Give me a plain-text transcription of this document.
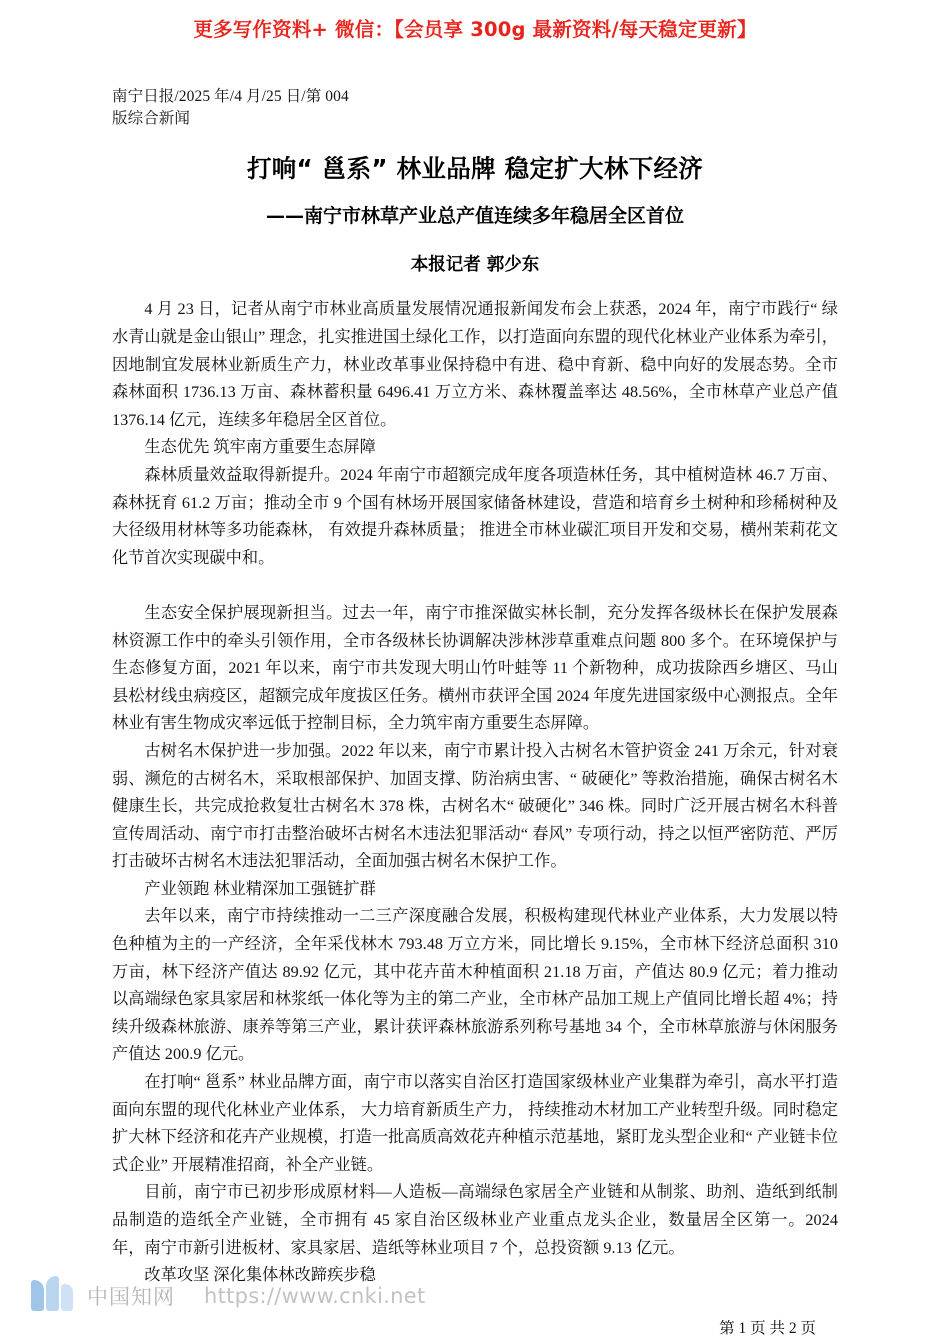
更多写作资料+ 微信：【会员享 300g 最新资料/每天稳定更新】
南宁日报/2025 年/4 月/25 日/第 004
版综合新闻
打响“ 邕系” 林业品牌 稳定扩大林下经济
——南宁市林草产业总产值连续多年稳居全区首位
本报记者 郭少东

4 月 23 日，记者从南宁市林业高质量发展情况通报新闻发布会上获悉，2024 年，南宁市践行“ 绿水青山就是金山银山” 理念，扎实推进国土绿化工作，以打造面向东盟的现代化林业产业体系为牵引，因地制宜发展林业新质生产力，林业改革事业保持稳中有进、稳中育新、稳中向好的发展态势。全市森林面积 1736.13 万亩、森林蓄积量 6496.41 万立方米、森林覆盖率达 48.56%，全市林草产业总产值 1376.14 亿元，连续多年稳居全区首位。

生态优先 筑牢南方重要生态屏障

森林质量效益取得新提升。2024 年南宁市超额完成年度各项造林任务，其中植树造林 46.7 万亩、森林抚育 61.2 万亩；推动全市 9 个国有林场开展国家储备林建设，营造和培育乡土树种和珍稀树种及大径级用材林等多功能森林， 有效提升森林质量； 推进全市林业碳汇项目开发和交易，横州茉莉花文化节首次实现碳中和。

生态安全保护展现新担当。过去一年，南宁市推深做实林长制，充分发挥各级林长在保护发展森林资源工作中的牵头引领作用，全市各级林长协调解决涉林涉草重难点问题 800 多个。在环境保护与生态修复方面，2021 年以来，南宁市共发现大明山竹叶蛙等 11 个新物种，成功拔除西乡塘区、马山县松材线虫病疫区，超额完成年度拔区任务。横州市获评全国 2024 年度先进国家级中心测报点。全年林业有害生物成灾率远低于控制目标，全力筑牢南方重要生态屏障。

古树名木保护进一步加强。2022 年以来，南宁市累计投入古树名木管护资金 241 万余元，针对衰弱、濒危的古树名木，采取根部保护、加固支撑、防治病虫害、“ 破硬化” 等救治措施，确保古树名木健康生长，共完成抢救复壮古树名木 378 株，古树名木“ 破硬化” 346 株。同时广泛开展古树名木科普宣传周活动、南宁市打击整治破坏古树名木违法犯罪活动“ 春风” 专项行动，持之以恒严密防范、严厉打击破坏古树名木违法犯罪活动，全面加强古树名木保护工作。

产业领跑 林业精深加工强链扩群

去年以来，南宁市持续推动一二三产深度融合发展，积极构建现代林业产业体系，大力发展以特色种植为主的一产经济，全年采伐林木 793.48 万立方米，同比增长 9.15%，全市林下经济总面积 310 万亩，林下经济产值达 89.92 亿元，其中花卉苗木种植面积 21.18 万亩，产值达 80.9 亿元；着力推动以高端绿色家具家居和林浆纸一体化等为主的第二产业，全市林产品加工规上产值同比增长超 4%；持续升级森林旅游、康养等第三产业，累计获评森林旅游系列称号基地 34 个，全市林草旅游与休闲服务产值达 200.9 亿元。

在打响“ 邕系” 林业品牌方面，南宁市以落实自治区打造国家级林业产业集群为牵引，高水平打造面向东盟的现代化林业产业体系， 大力培育新质生产力， 持续推动木材加工产业转型升级。同时稳定扩大林下经济和花卉产业规模，打造一批高质高效花卉种植示范基地，紧盯龙头型企业和“ 产业链卡位式企业” 开展精准招商，补全产业链。

目前，南宁市已初步形成原材料—人造板—高端绿色家居全产业链和从制浆、助剂、造纸到纸制品制造的造纸全产业链，全市拥有 45 家自治区级林业产业重点龙头企业，数量居全区第一。2024 年，南宁市新引进板材、家具家居、造纸等林业项目 7 个，总投资额 9.13 亿元。

改革攻坚 深化集体林改蹄疾步稳

第 1 页 共 2 页
中国知网 https://www.cnki.net
